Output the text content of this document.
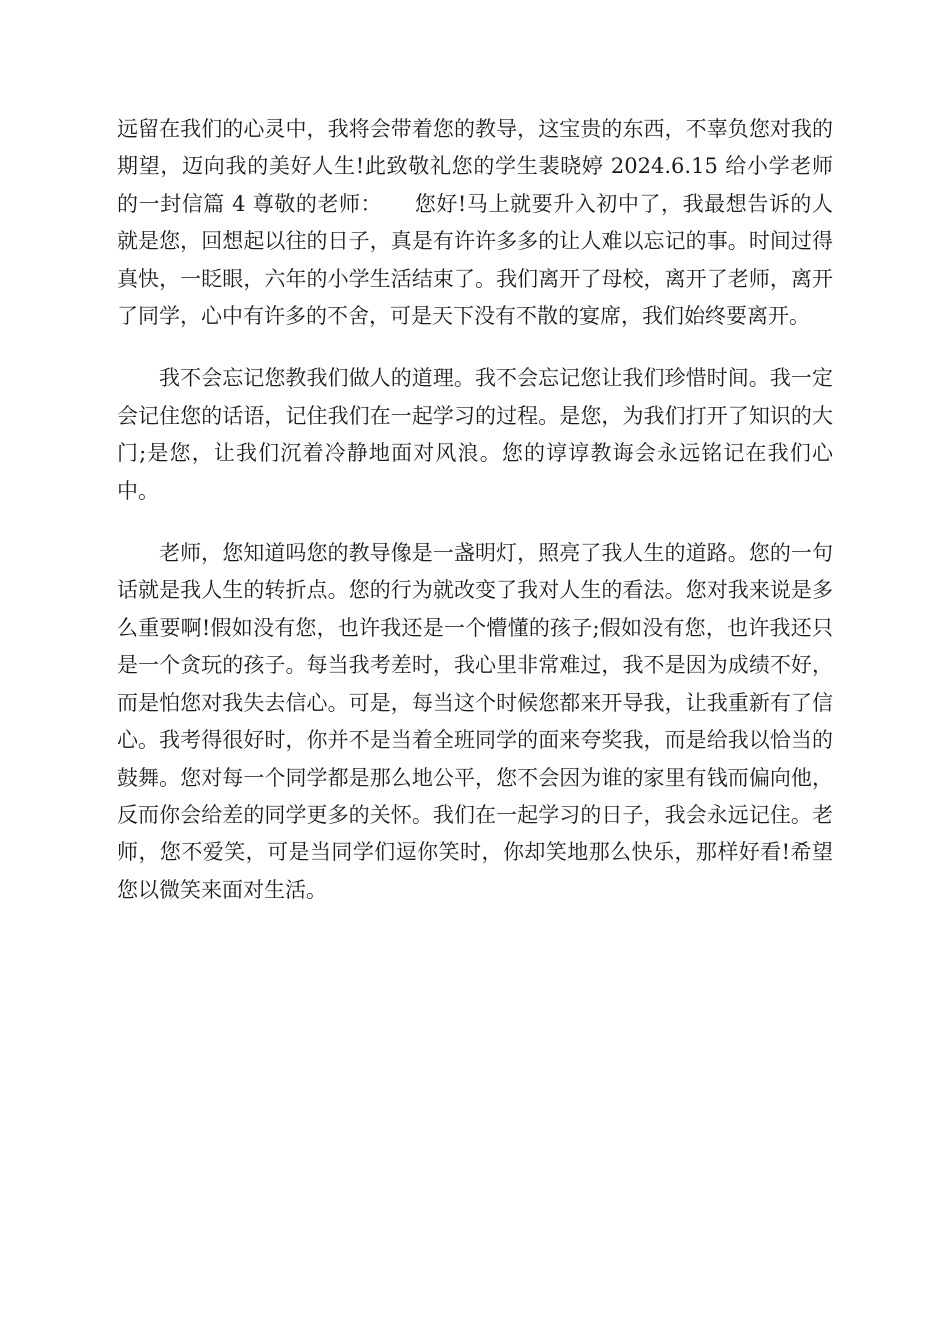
远留在我们的心灵中，我将会带着您的教导，这宝贵的东西，不辜负您对我的期望，迈向我的美好人生!此致敬礼您的学生裴晓婷 2024.6.15 给小学老师的一封信篇 4 尊敬的老师：　　您好!马上就要升入初中了，我最想告诉的人就是您，回想起以往的日子，真是有许许多多的让人难以忘记的事。时间过得真快，一眨眼，六年的小学生活结束了。我们离开了母校，离开了老师，离开了同学，心中有许多的不舍，可是天下没有不散的宴席，我们始终要离开。

我不会忘记您教我们做人的道理。我不会忘记您让我们珍惜时间。我一定会记住您的话语，记住我们在一起学习的过程。是您，为我们打开了知识的大门;是您，让我们沉着冷静地面对风浪。您的谆谆教诲会永远铭记在我们心中。

老师，您知道吗您的教导像是一盏明灯，照亮了我人生的道路。您的一句话就是我人生的转折点。您的行为就改变了我对人生的看法。您对我来说是多么重要啊!假如没有您，也许我还是一个懵懂的孩子;假如没有您，也许我还只是一个贪玩的孩子。每当我考差时，我心里非常难过，我不是因为成绩不好，而是怕您对我失去信心。可是，每当这个时候您都来开导我，让我重新有了信心。我考得很好时，你并不是当着全班同学的面来夸奖我，而是给我以恰当的鼓舞。您对每一个同学都是那么地公平，您不会因为谁的家里有钱而偏向他，反而你会给差的同学更多的关怀。我们在一起学习的日子，我会永远记住。老师，您不爱笑，可是当同学们逗你笑时，你却笑地那么快乐，那样好看!希望您以微笑来面对生活。
